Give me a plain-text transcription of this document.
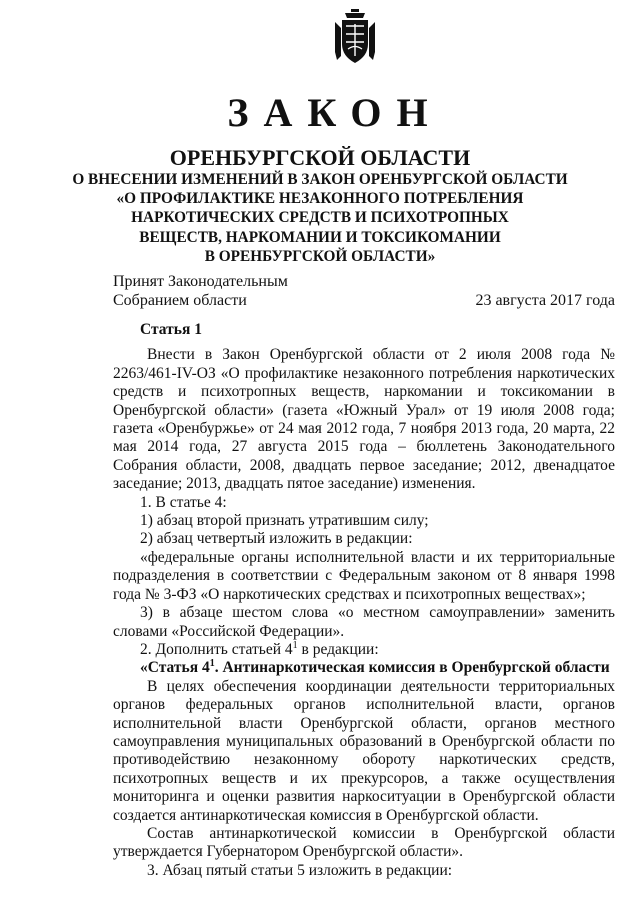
ЗАКОН
ОРЕНБУРГСКОЙ ОБЛАСТИ
О ВНЕСЕНИИ ИЗМЕНЕНИЙ В ЗАКОН ОРЕНБУРГСКОЙ ОБЛАСТИ
«О ПРОФИЛАКТИКЕ НЕЗАКОННОГО ПОТРЕБЛЕНИЯ
НАРКОТИЧЕСКИХ СРЕДСТВ И ПСИХОТРОПНЫХ
ВЕЩЕСТВ, НАРКОМАНИИ И ТОКСИКОМАНИИ
В ОРЕНБУРГСКОЙ ОБЛАСТИ»
Принят Законодательным
Собранием области	23 августа 2017 года

Статья 1

Внести в Закон Оренбургской области от 2 июля 2008 года № 2263/461-IV-ОЗ «О профилактике незаконного потребления наркотических средств и психотропных веществ, наркомании и токсикомании в Оренбургской области» (газета «Южный Урал» от 19 июля 2008 года; газета «Оренбуржье» от 24 мая 2012 года, 7 ноября 2013 года, 20 марта, 22 мая 2014 года, 27 августа 2015 года – бюллетень Законодательного Собрания области, 2008, двадцать первое заседание; 2012, двенадцатое заседание; 2013, двадцать пятое заседание) изменения.

1. В статье 4:

1) абзац второй признать утратившим силу;

2) абзац четвертый изложить в редакции:

«федеральные органы исполнительной власти и их территориальные подразделения в соответствии с Федеральным законом от 8 января 1998 года № 3-ФЗ «О наркотических средствах и психотропных веществах»;

3) в абзаце шестом слова «о местном самоуправлении» заменить словами «Российской Федерации».

2. Дополнить статьей $4^1$ в редакции:

«Статья $4^1$. Антинаркотическая комиссия в Оренбургской области

В целях обеспечения координации деятельности территориальных органов федеральных органов исполнительной власти, органов исполнительной власти Оренбургской области, органов местного самоуправления муниципальных образований в Оренбургской области по противодействию незаконному обороту наркотических средств, психотропных веществ и их прекурсоров, а также осуществления мониторинга и оценки развития наркоситуации в Оренбургской области создается антинаркотическая комиссия в Оренбургской области.

Состав антинаркотической комиссии в Оренбургской области утверждается Губернатором Оренбургской области».

3. Абзац пятый статьи 5 изложить в редакции:
